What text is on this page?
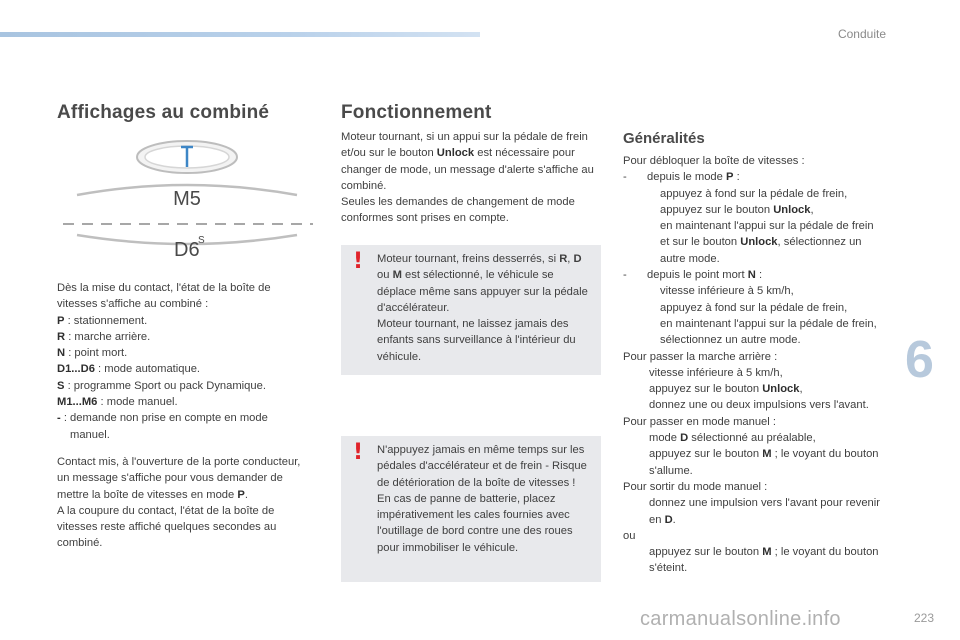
Conduite
Affichages au combiné
M5
D6
S

Dès la mise du contact, l'état de la boîte de vitesses s'affiche au combiné :

P : stationnement.

R : marche arrière.

N : point mort.

D1...D6 : mode automatique.

S : programme Sport ou pack Dynamique.

M1...M6 : mode manuel.

- : demande non prise en compte en mode manuel.

Contact mis, à l'ouverture de la porte conducteur, un message s'affiche pour vous demander de mettre la boîte de vitesses en mode P.

A la coupure du contact, l'état de la boîte de vitesses reste affiché quelques secondes au combiné.

Fonctionnement

Moteur tournant, si un appui sur la pédale de frein et/ou sur le bouton Unlock est nécessaire pour changer de mode, un message d'alerte s'affiche au combiné.

Seules les demandes de changement de mode conformes sont prises en compte.

! Moteur tournant, freins desserrés, si R, D ou M est sélectionné, le véhicule se déplace même sans appuyer sur la pédale d'accélérateur.

Moteur tournant, ne laissez jamais des enfants sans surveillance à l'intérieur du véhicule.

! N'appuyez jamais en même temps sur les pédales d'accélérateur et de frein - Risque de détérioration de la boîte de vitesses !

En cas de panne de batterie, placez impérativement les cales fournies avec l'outillage de bord contre une des roues pour immobiliser le véhicule.

Généralités

Pour débloquer la boîte de vitesses :

- depuis le mode P :

appuyez à fond sur la pédale de frein,

appuyez sur le bouton Unlock,

en maintenant l'appui sur la pédale de frein et sur le bouton Unlock, sélectionnez un autre mode.

- depuis le point mort N :

vitesse inférieure à 5 km/h,

appuyez à fond sur la pédale de frein,

en maintenant l'appui sur la pédale de frein, sélectionnez un autre mode.

Pour passer la marche arrière :

vitesse inférieure à 5 km/h,

appuyez sur le bouton Unlock,

donnez une ou deux impulsions vers l'avant.

Pour passer en mode manuel :

mode D sélectionné au préalable,

appuyez sur le bouton M ; le voyant du bouton s'allume.

Pour sortir du mode manuel :

donnez une impulsion vers l'avant pour revenir en D.

ou

appuyez sur le bouton M ; le voyant du bouton s'éteint.

6
carmanualsonline.info	223
